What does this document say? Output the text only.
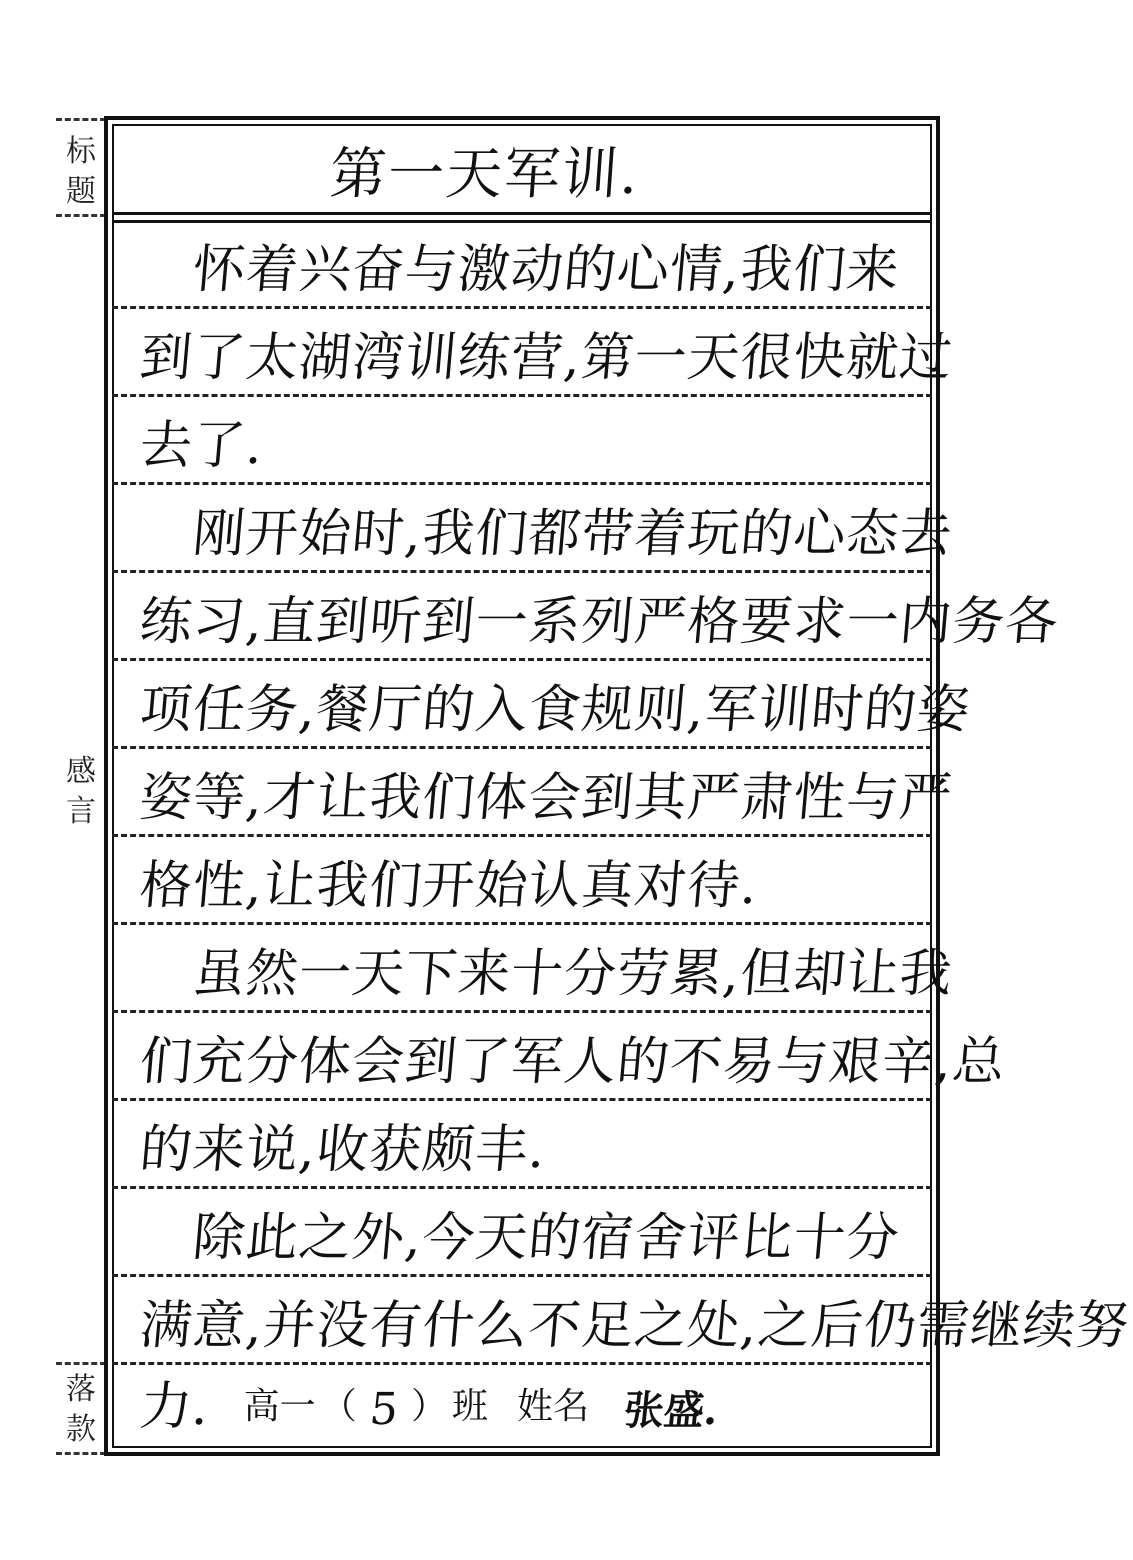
标
题
感
言
落
款
第一天军训.
　怀着兴奋与激动的心情,我们来
到了太湖湾训练营,第一天很快就过
去了.
　刚开始时,我们都带着玩的心态去
练习,直到听到一系列严格要求一内务各
项任务,餐厅的入食规则,军训时的姿
姿等,才让我们体会到其严肃性与严
格性,让我们开始认真对待.
　虽然一天下来十分劳累,但却让我
们充分体会到了军人的不易与艰辛,总
的来说,收获颇丰.
　除此之外,今天的宿舍评比十分
满意,并没有什么不足之处,之后仍需继续努
力. 高一 （ 5 ） 班 姓名 张盛.
